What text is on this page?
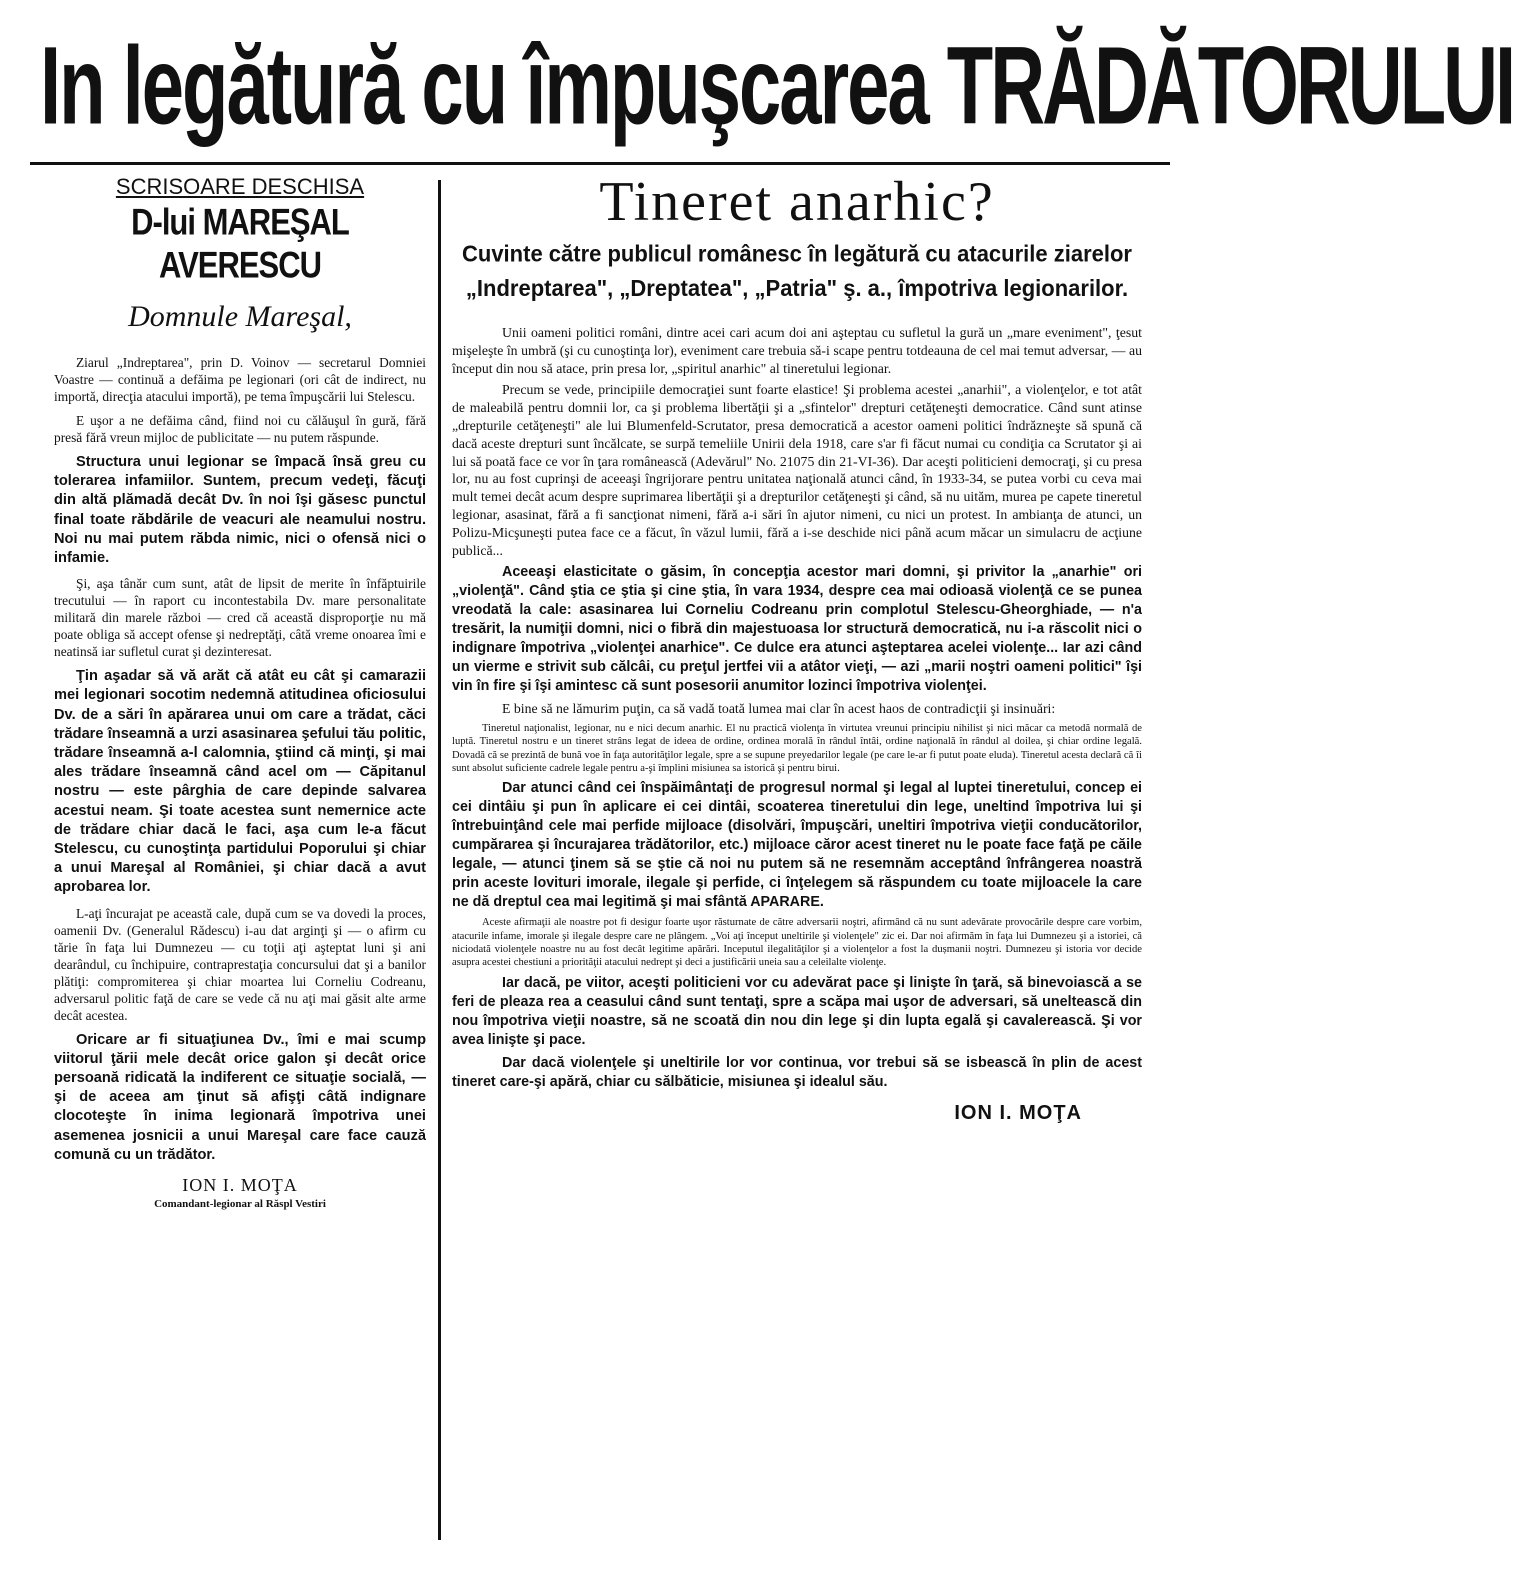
In legătură cu împuşcarea TRĂDĂTORULUI
SCRISOARE DESCHISA
D-lui MAREŞAL AVERESCU
Domnule Mareşal,

Ziarul „Indreptarea", prin D. Voinov — secretarul Domniei Voastre — continuă a defăima pe legionari (ori cât de indirect, nu importă, direcţia atacului importă), pe tema împuşcării lui Stelescu.

E uşor a ne defăima când, fiind noi cu călăuşul în gură, fără presă fără vreun mijloc de publicitate — nu putem răspunde.

Structura unui legionar se împacă însă greu cu tolerarea infamiilor. Suntem, precum vedeţi, făcuţi din altă plămadă decât Dv. în noi îşi găsesc punctul final toate răbdările de veacuri ale neamului nostru. Noi nu mai putem răbda nimic, nici o ofensă nici o infamie.

Şi, aşa tânăr cum sunt, atât de lipsit de merite în înfăptuirile trecutului — în raport cu incontestabila Dv. mare personalitate militară din marele război — cred că această disproporţie nu mă poate obliga să accept ofense şi nedreptăţi, câtă vreme onoarea îmi e neatinsă iar sufletul curat şi dezinteresat.

Ţin aşadar să vă arăt că atât eu cât şi camarazii mei legionari socotim nedemnă atitudinea oficiosului Dv. de a sări în apărarea unui om care a trădat, căci trădare înseamnă a urzi asasinarea şefului tău politic, trădare înseamnă a-l calomnia, ştiind că minţi, şi mai ales trădare înseamnă când acel om — Căpitanul nostru — este pârghia de care depinde salvarea acestui neam. Şi toate acestea sunt nemernice acte de trădare chiar dacă le faci, aşa cum le-a făcut Stelescu, cu cunoştinţa partidului Poporului şi chiar a unui Mareşal al României, şi chiar dacă a avut aprobarea lor.

L-aţi încurajat pe această cale, după cum se va dovedi la proces, oamenii Dv. (Generalul Rădescu) i-au dat arginţi şi — o afirm cu tărie în faţa lui Dumnezeu — cu toţii aţi aşteptat luni şi ani dearândul, cu închipuire, contraprestaţia concursului dat şi a banilor plătiţi: compromiterea şi chiar moartea lui Corneliu Codreanu, adversarul politic faţă de care se vede că nu aţi mai găsit alte arme decât acestea.

Oricare ar fi situaţiunea Dv., îmi e mai scump viitorul ţării mele decât orice galon şi decât orice persoană ridicată la indiferent ce situaţie socială, — şi de aceea am ţinut să afişţi câtă indignare clocoteşte în inima legionară împotriva unei asemenea josnicii a unui Mareşal care face cauză comună cu un trădător.

ION I. MOŢA
Comandant-legionar al Răspl Vestiri
Tineret anarhic?
Cuvinte către publicul românesc în legătură cu atacurile ziarelor „Indreptarea", „Dreptatea", „Patria" ş. a., împotriva legionarilor.

Unii oameni politici români, dintre acei cari acum doi ani aşteptau cu sufletul la gură un „mare eveniment", ţesut mişeleşte în umbră (şi cu cunoştinţa lor), eveniment care trebuia să-i scape pentru totdeauna de cel mai temut adversar, — au început din nou să atace, prin presa lor, „spiritul anarhic" al tineretului legionar.

Precum se vede, principiile democraţiei sunt foarte elastice! Şi problema acestei „anarhii", a violenţelor, e tot atât de maleabilă pentru domnii lor, ca şi problema libertăţii şi a „sfintelor" drepturi cetăţeneşti democratice. Când sunt atinse „drepturile cetăţeneşti" ale lui Blumenfeld-Scrutator, presa democratică a acestor oameni politici îndrăzneşte să spună că dacă aceste drepturi sunt încălcate, se surpă temeliile Unirii dela 1918, care s'ar fi făcut numai cu condiţia ca Scrutator şi ai lui să poată face ce vor în ţara românească (Adevărul" No. 21075 din 21-VI-36). Dar aceşti politicieni democraţi, şi cu presa lor, nu au fost cuprinşi de aceeaşi îngrijorare pentru unitatea naţională atunci când, în 1933-34, se putea vorbi cu ceva mai mult temei decât acum despre suprimarea libertăţii şi a drepturilor cetăţeneşti şi când, să nu uităm, murea pe capete tineretul legionar, asasinat, fără a fi sancţionat nimeni, fără a-i sări în ajutor nimeni, cu nici un protest. In ambianţa de atunci, un Polizu-Micşuneşti putea face ce a făcut, în văzul lumii, fără a i-se deschide nici până acum măcar un simulacru de acţiune publică...

Aceeaşi elasticitate o găsim, în concepţia acestor mari domni, şi privitor la „anarhie" ori „violenţă". Când ştia ce ştia şi cine ştia, în vara 1934, despre cea mai odioasă violenţă ce se punea vreodată la cale: asasinarea lui Corneliu Codreanu prin complotul Stelescu-Gheorghiade, — n'a tresărit, la numiţii domni, nici o fibră din majestuoasa lor structură democratică, nu i-a răscolit nici o indignare împotriva „violenţei anarhice". Ce dulce era atunci aşteptarea acelei violenţe... Iar azi când un vierme e strivit sub călcâi, cu preţul jertfei vii a atâtor vieţi, — azi „marii noştri oameni politici" îşi vin în fire şi îşi amintesc că sunt posesorii anumitor lozinci împotriva violenţei.

E bine să ne lămurim puţin, ca să vadă toată lumea mai clar în acest haos de contradicţii şi insinuări:

Tineretul naţionalist, legionar, nu e nici decum anarhic. El nu practică violenţa în virtutea vreunui principiu nihilist şi nici măcar ca metodă normală de luptă. Tineretul nostru e un tineret strâns legat de ideea de ordine, ordinea morală în rândul întâi, ordine naţională în rândul al doilea, şi chiar ordine legală. Dovadă că se prezintă de bună voe în faţa autorităţilor legale, spre a se supune preyedarilor legale (pe care le-ar fi putut poate eluda). Tineretul acesta declară că îi sunt absolut suficiente cadrele legale pentru a-şi împlini misiunea sa istorică şi pentru birui.

Dar atunci când cei înspăimântaţi de progresul normal şi legal al luptei tineretului, concep ei cei dintâiu şi pun în aplicare ei cei dintâi, scoaterea tineretului din lege, uneltind împotriva lui şi întrebuinţând cele mai perfide mijloace (disolvări, împuşcări, uneltiri împotriva vieţii conducătorilor, cumpărarea şi încurajarea trădătorilor, etc.) mijloace căror acest tineret nu le poate face faţă pe căile legale, — atunci ţinem să se ştie că noi nu putem să ne resemnăm acceptând înfrângerea noastră prin aceste lovituri imorale, ilegale şi perfide, ci înţelegem să răspundem cu toate mijloacele la care ne dă dreptul cea mai legitimă şi mai sfântă APARARE.

Aceste afirmaţii ale noastre pot fi desigur foarte uşor răsturnate de către adversarii noştri, afirmând că nu sunt adevărate provocările despre care vorbim, atacurile infame, imorale şi ilegale despre care ne plângem. „Voi aţi început uneltirile şi violenţele" zic ei. Dar noi afirmăm în faţa lui Dumnezeu şi a istoriei, că niciodată violenţele noastre nu au fost decât legitime apărări. Inceputul ilegalităţilor şi a violenţelor a fost la dușmanii noştri. Dumnezeu şi istoria vor decide asupra acestei chestiuni a priorităţii atacului nedrept şi deci a justificării uneia sau a celeilalte violenţe.

Iar dacă, pe viitor, aceşti politicieni vor cu adevărat pace şi linişte în ţară, să binevoiască a se feri de pleaza rea a ceasului când sunt tentaţi, spre a scăpa mai uşor de adversari, să uneltească din nou împotriva vieţii noastre, să ne scoată din nou din lege şi din lupta egală şi cavalerească. Şi vor avea linişte şi pace.

Dar dacă violenţele şi uneltirile lor vor continua, vor trebui să se isbească în plin de acest tineret care-şi apără, chiar cu sălbăticie, misiunea şi idealul său.

ION I. MOŢA
